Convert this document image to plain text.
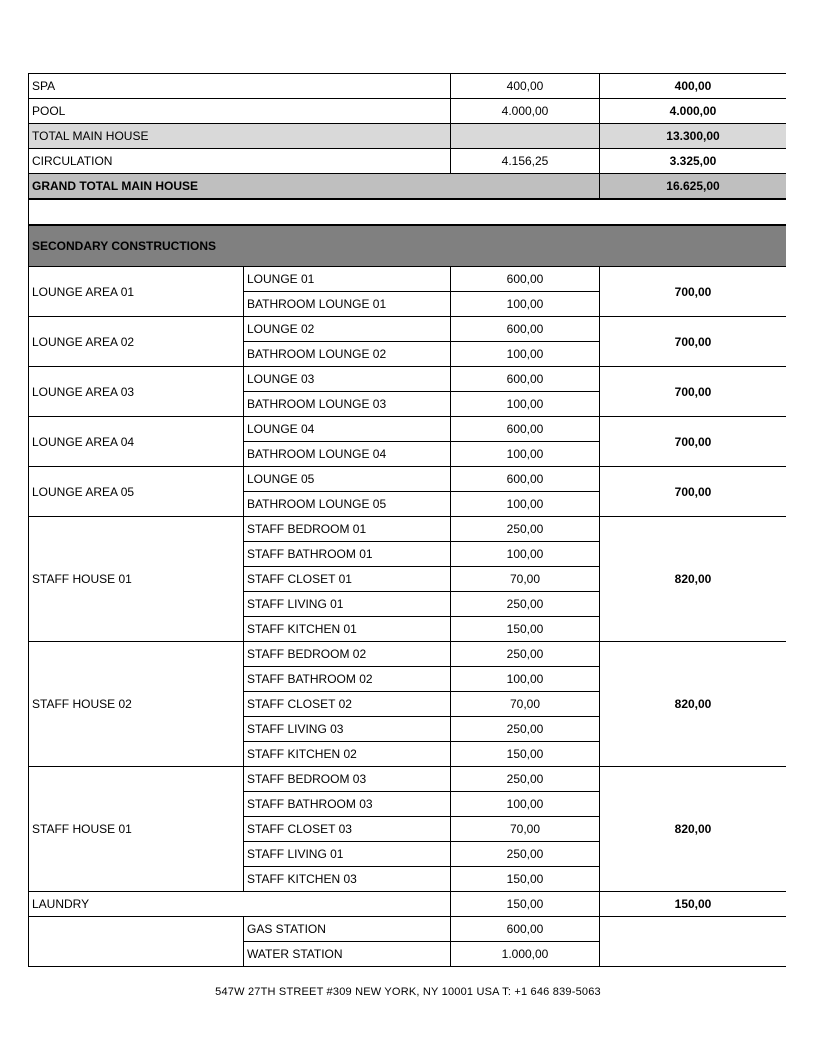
SPA		400,00	400,00
POOL		4.000,00	4.000,00
TOTAL MAIN HOUSE			13.300,00
CIRCULATION		4.156,25	3.325,00
GRAND TOTAL MAIN HOUSE			16.625,00

SECONDARY CONSTRUCTIONS			
LOUNGE AREA 01	LOUNGE 01	600,00	700,00
	BATHROOM LOUNGE 01	100,00	
LOUNGE AREA 02	LOUNGE 02	600,00	700,00
	BATHROOM LOUNGE 02	100,00	
LOUNGE AREA 03	LOUNGE 03	600,00	700,00
	BATHROOM LOUNGE 03	100,00	
LOUNGE AREA 04	LOUNGE 04	600,00	700,00
	BATHROOM LOUNGE 04	100,00	
LOUNGE AREA 05	LOUNGE 05	600,00	700,00
	BATHROOM LOUNGE 05	100,00	
STAFF HOUSE 01	STAFF BEDROOM 01	250,00	820,00
	STAFF BATHROOM 01	100,00	
	STAFF CLOSET 01	70,00	
	STAFF LIVING 01	250,00	
	STAFF KITCHEN 01	150,00	
STAFF HOUSE 02	STAFF BEDROOM 02	250,00	820,00
	STAFF BATHROOM 02	100,00	
	STAFF CLOSET 02	70,00	
	STAFF LIVING 03	250,00	
	STAFF KITCHEN 02	150,00	
STAFF HOUSE 01	STAFF BEDROOM 03	250,00	820,00
	STAFF BATHROOM 03	100,00	
	STAFF CLOSET 03	70,00	
	STAFF LIVING 01	250,00	
	STAFF KITCHEN 03	150,00	
LAUNDRY		150,00	150,00
	GAS STATION	600,00	
	WATER STATION	1.000,00	
547W 27TH STREET #309 NEW YORK, NY 10001 USA T: +1 646 839-5063
